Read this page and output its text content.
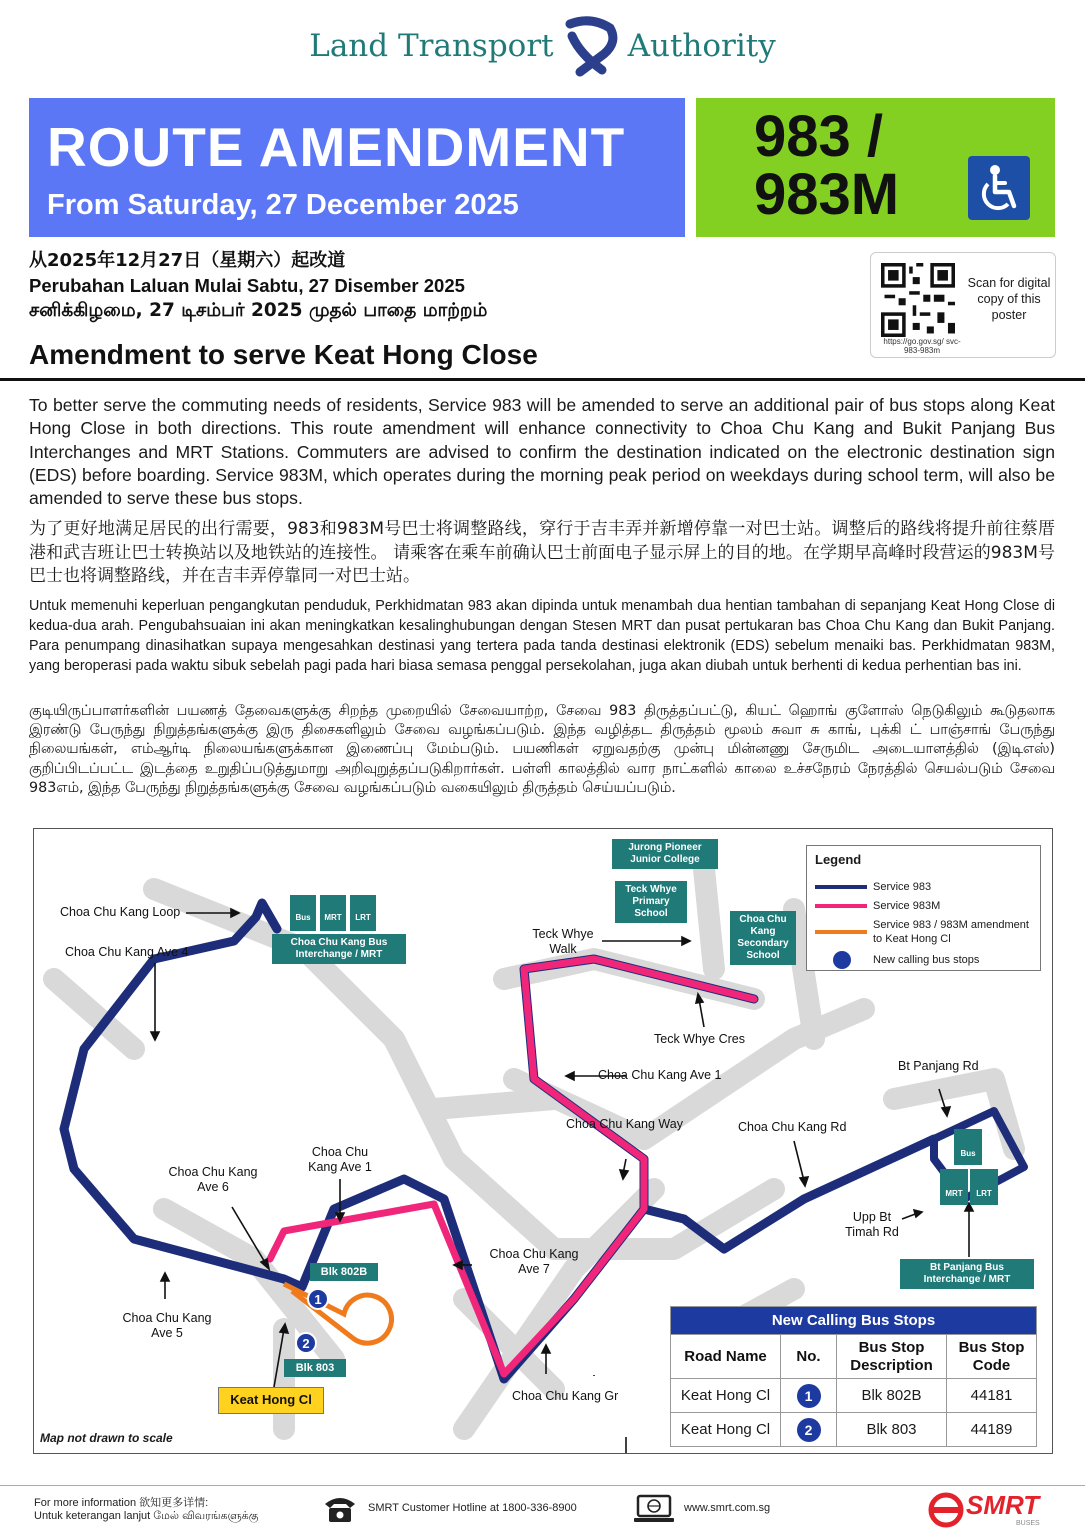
Land Transport Authority
ROUTE AMENDMENT
From Saturday, 27 December 2025
983 /
983M
从2025年12月27日（星期六）起改道
Perubahan Laluan Mulai Sabtu, 27 Disember 2025
சனிக்கிழமை, 27 டிசம்பர் 2025 முதல் பாதை மாற்றம்
Amendment to serve Keat Hong Close	https://go.gov.sg/ svc-983-983m
Scan for digital copy of this poster

To better serve the commuting needs of residents, Service 983 will be amended to serve an additional pair of bus stops along Keat Hong Close in both directions. This route amendment will enhance connectivity to Choa Chu Kang and Bukit Panjang Bus Interchanges and MRT Stations. Commuters are advised to confirm the destination indicated on the electronic destination sign (EDS) before boarding. Service 983M, which operates during the morning peak period on weekdays during school term, will also be amended to serve these bus stops.

为了更好地满足居民的出行需要，983和983M号巴士将调整路线，穿行于吉丰弄并新增停靠一对巴士站。调整后的路线将提升前往蔡厝港和武吉班让巴士转换站以及地铁站的连接性。 请乘客在乘车前确认巴士前面电子显示屏上的目的地。在学期早高峰时段营运的983M号巴士也将调整路线，并在吉丰弄停靠同一对巴士站。

Untuk memenuhi keperluan pengangkutan penduduk, Perkhidmatan 983 akan dipinda untuk menambah dua hentian tambahan di sepanjang Keat Hong Close di kedua-dua arah. Pengubahsuaian ini akan meningkatkan kesalinghubungan dengan Stesen MRT dan pusat pertukaran bas Choa Chu Kang dan Bukit Panjang. Para penumpang dinasihatkan supaya mengesahkan destinasi yang tertera pada tanda destinasi elektronik (EDS) sebelum menaiki bas. Perkhidmatan 983M, yang beroperasi pada waktu sibuk sebelah pagi pada hari biasa semasa penggal persekolahan, juga akan diubah untuk berhenti di kedua perhentian bas ini.

குடியிருப்பாளர்களின் பயணத் தேவைகளுக்கு சிறந்த முறையில் சேவையாற்ற, சேவை 983 திருத்தப்பட்டு, கியட் ஹொங் குளோஸ் நெடுகிலும் கூடுதலாக இரண்டு பேருந்து நிறுத்தங்களுக்கு இரு திசைகளிலும் சேவை வழங்கப்படும். இந்த வழித்தட திருத்தம் மூலம் சுவா சு காங், புக்கி ட் பாஞ்சாங் பேருந்து நிலையங்கள், எம்ஆர்டி நிலையங்களுக்கான இணைப்பு மேம்படும். பயணிகள் ஏறுவதற்கு முன்பு மின்னணு சேருமிட அடையாளத்தில் (இடிஎஸ்) குறிப்பிடப்பட்ட இடத்தை உறுதிப்படுத்துமாறு அறிவுறுத்தப்படுகிறார்கள். பள்ளி காலத்தில் வார நாட்களில் காலை உச்சநேரம் நேரத்தில் செயல்படும் சேவை 983எம், இந்த பேருந்து நிறுத்தங்களுக்கு சேவை வழங்கப்படும் வகையிலும் திருத்தம் செய்யப்படும்.

1
2
Bus MRT LRT
Choa Chu Kang Bus Interchange / MRT
Jurong Pioneer Junior College
Teck Whye Primary School
Choa Chu Kang Secondary School
Bus
MRT LRT
Bt Panjang Bus Interchange / MRT
Blk 802B
Blk 803
Keat Hong Cl
Choa Chu Kang Loop
Choa Chu Kang Ave 4
Choa Chu Kang Ave 6
Choa Chu Kang Ave 1
Choa Chu Kang Ave 5
Choa Chu Kang Ave 7
Choa Chu Kang Gr
Choa Chu Kang Way
Choa Chu Kang Ave 1
Choa Chu Kang Rd
Teck Whye Walk
Teck Whye Cres
Bt Panjang Rd
Upp Bt Timah Rd
Legend
Service 983
Service 983M
Service 983 / 983M amendment to Keat Hong Cl
New calling bus stops
New Calling Bus Stops			
Road Name	No.	Bus Stop Description	Bus Stop Code
Keat Hong Cl	1	Blk 802B	44181
Keat Hong Cl	2	Blk 803	44189
Map not drawn to scale
For more information 欲知更多详情:
Untuk keterangan lanjut மேல் விவரங்களுக்கு
SMRT Customer Hotline at 1800-336-8900	www.smrt.com.sg	SMRT
BUSES
